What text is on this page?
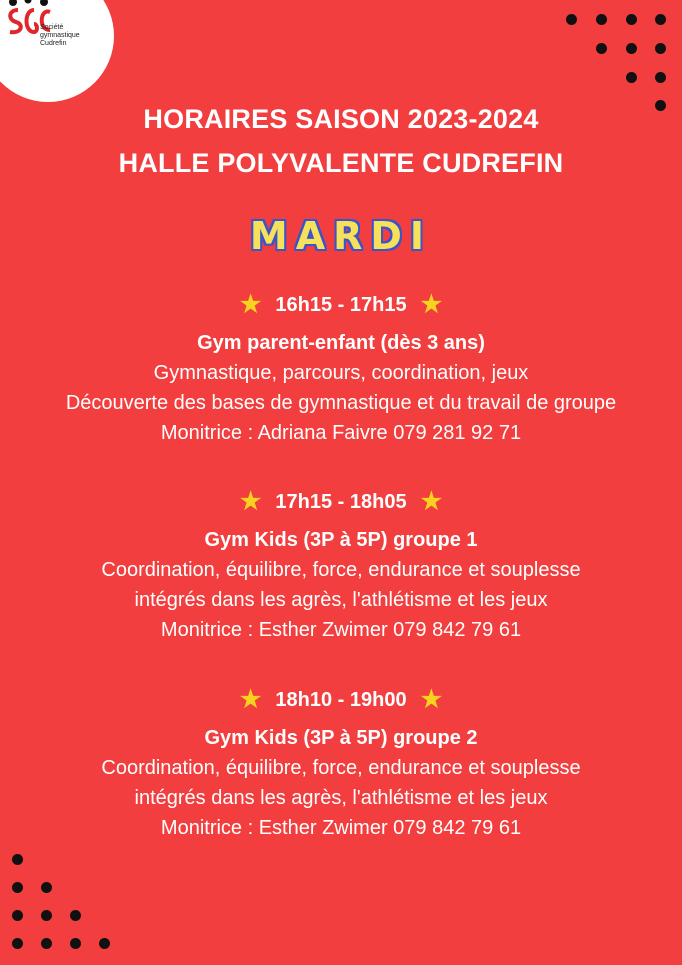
Société
gymnastique
Cudrefin
HORAIRES SAISON 2023-2024
HALLE POLYVALENTE CUDREFIN
MARDI
★ 16h15 - 17h15 ★
Gym parent-enfant (dès 3 ans)
Gymnastique, parcours, coordination, jeux
Découverte des bases de gymnastique et du travail de groupe
Monitrice : Adriana Faivre 079 281 92 71
★ 17h15 - 18h05 ★
Gym Kids (3P à 5P) groupe 1
Coordination, équilibre, force, endurance et souplesse
intégrés dans les agrès, l'athlétisme et les jeux
Monitrice : Esther Zwimer 079 842 79 61
★ 18h10 - 19h00 ★
Gym Kids (3P à 5P) groupe 2
Coordination, équilibre, force, endurance et souplesse
intégrés dans les agrès, l'athlétisme et les jeux
Monitrice : Esther Zwimer 079 842 79 61
